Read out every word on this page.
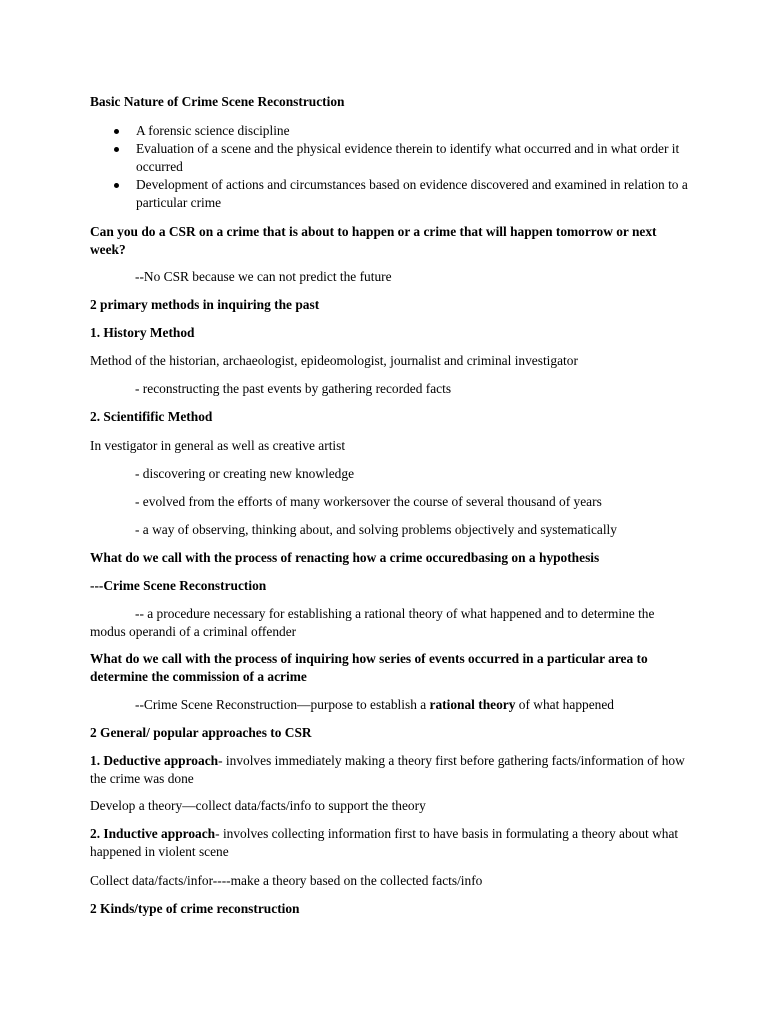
Basic Nature of Crime Scene Reconstruction
A forensic science discipline
Evaluation of a scene and the physical evidence therein to identify what occurred and in what order it occurred
Development of actions and circumstances based on evidence discovered and examined in relation to a particular crime
Can you do a CSR on a crime that is about to happen or a crime that will happen tomorrow or next week?
--No CSR because we can not predict the future
2 primary methods in inquiring the past
1. History Method
Method of the historian, archaeologist, epideomologist, journalist and criminal investigator
- reconstructing the past events by gathering recorded facts
2. Scientifific Method
In vestigator in general as well as creative artist
- discovering or creating new knowledge
- evolved from the efforts of many workersover the course of several thousand of years
- a way of observing, thinking about, and solving problems objectively and systematically
What do we call with the process of renacting how a crime occuredbasing on a hypothesis
---Crime Scene Reconstruction
-- a procedure necessary for establishing a rational theory of what happened and to determine the modus operandi of a criminal offender
What do we call with the process of inquiring how series of events occurred in a particular area to determine the commission of a acrime
--Crime Scene Reconstruction—purpose to establish a rational theory of what happened
2 General/ popular approaches to CSR
1. Deductive approach- involves immediately making a theory first before gathering facts/information of how the crime was done
Develop a theory—collect data/facts/info to support the theory
2. Inductive approach- involves collecting information first to have basis in formulating a theory about what happened in violent scene
Collect data/facts/infor----make a theory based on the collected facts/info
2 Kinds/type of crime reconstruction
